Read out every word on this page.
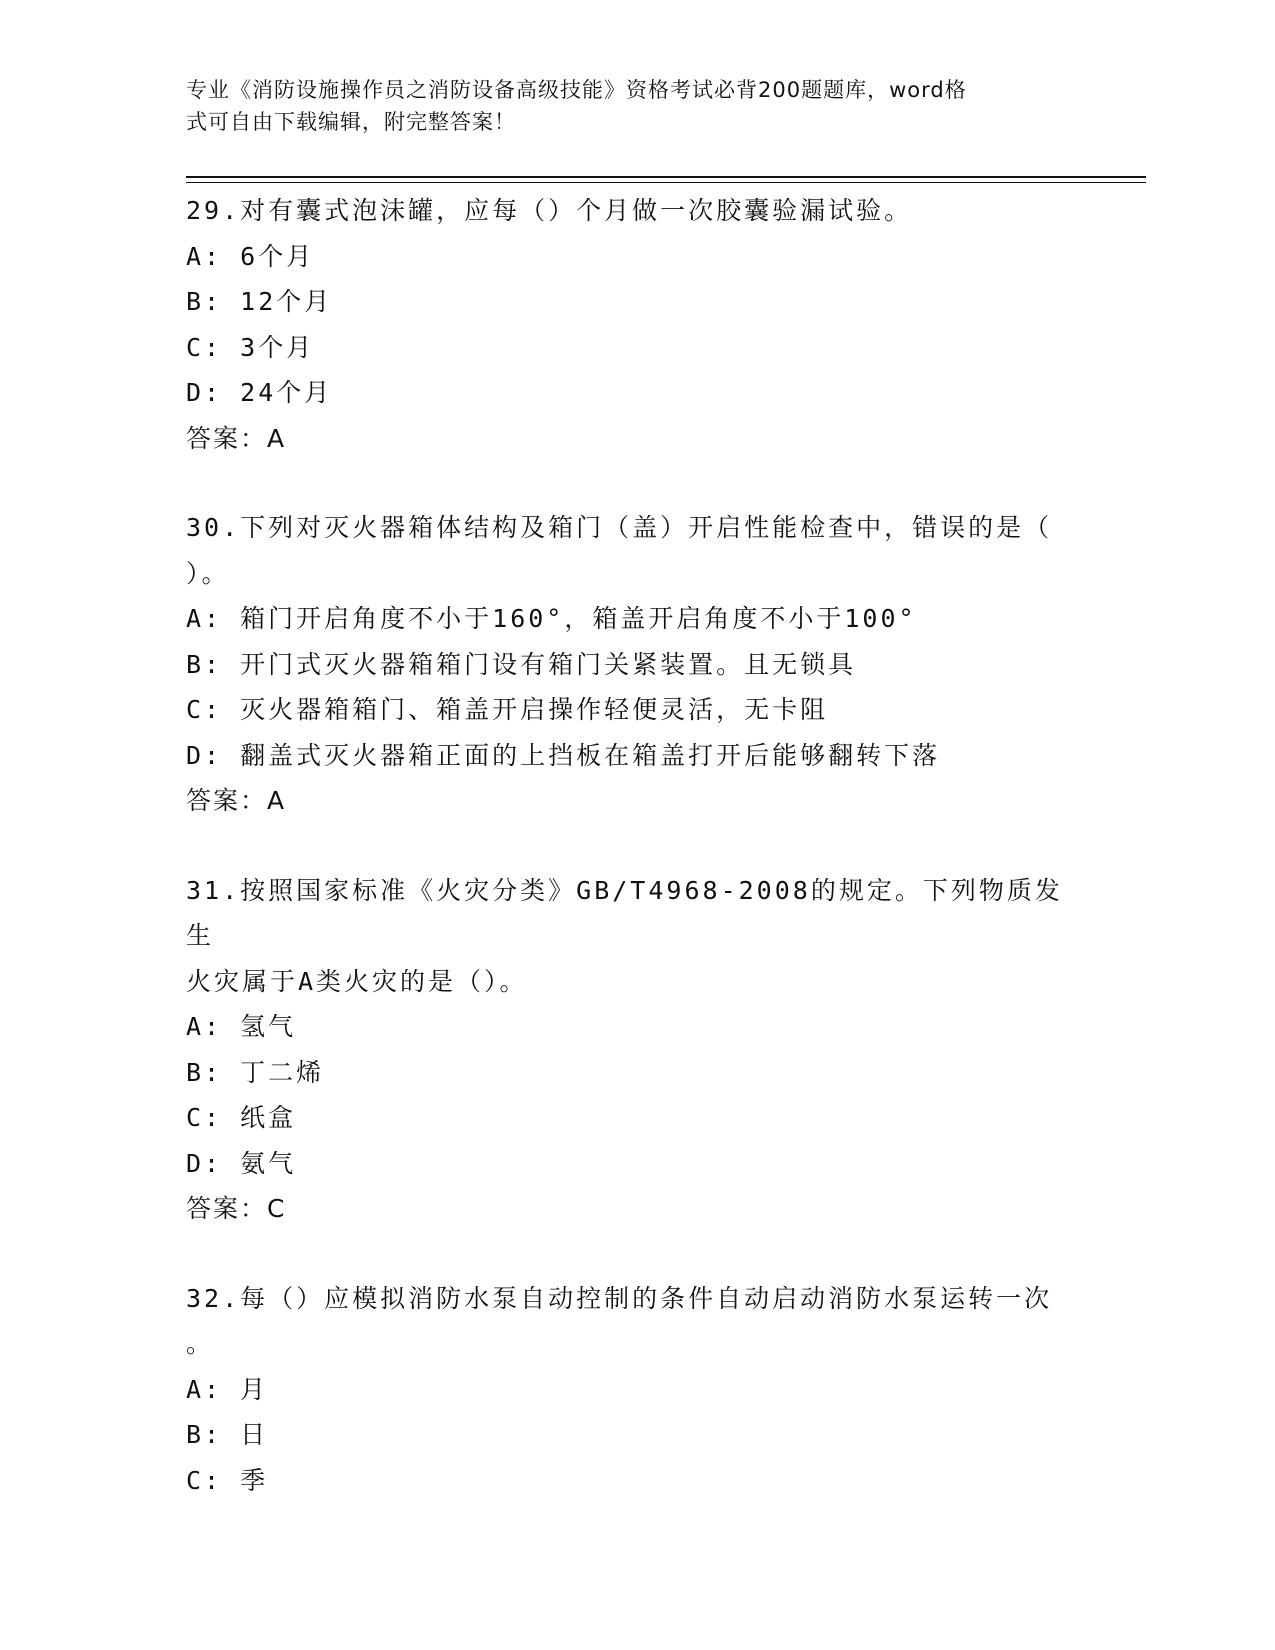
专业《消防设施操作员之消防设备高级技能》资格考试必背200题题库，word格
式可自由下载编辑，附完整答案！
29.对有囊式泡沫罐，应每（）个月做一次胶囊验漏试验。
A: 6个月
B: 12个月
C: 3个月
D: 24个月
答案：A
30.下列对灭火器箱体结构及箱门（盖）开启性能检查中，错误的是（
）。
A: 箱门开启角度不小于160°，箱盖开启角度不小于100°
B: 开门式灭火器箱箱门设有箱门关紧装置。且无锁具
C: 灭火器箱箱门、箱盖开启操作轻便灵活，无卡阻
D: 翻盖式灭火器箱正面的上挡板在箱盖打开后能够翻转下落
答案：A
31.按照国家标准《火灾分类》GB/T4968-2008的规定。下列物质发生
火灾属于A类火灾的是（）。
A: 氢气
B: 丁二烯
C: 纸盒
D: 氨气
答案：C
32.每（）应模拟消防水泵自动控制的条件自动启动消防水泵运转一次
。
A: 月
B: 日
C: 季
